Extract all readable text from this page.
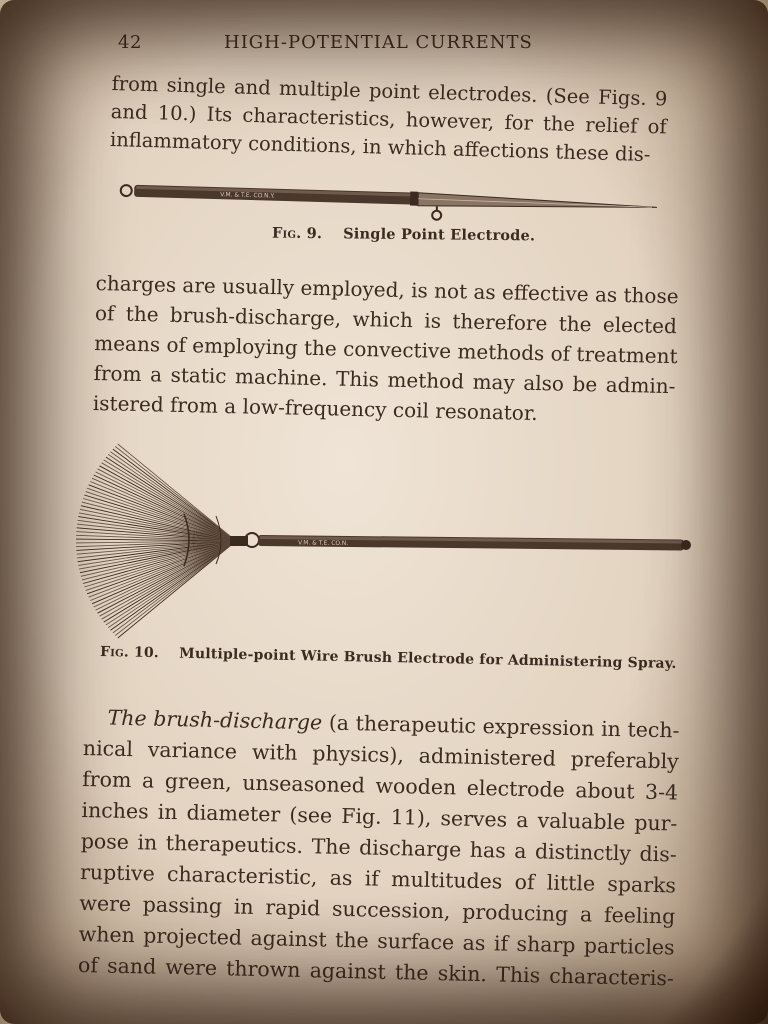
42	HIGH-POTENTIAL CURRENTS
from single and multiple point electrodes. (See Figs. 9
and 10.) Its characteristics, however, for the relief of
inflammatory conditions, in which affections these dis-
V.M. & T.E. CO.N.Y.
Fig. 9. Single Point Electrode.
charges are usually employed, is not as effective as those
of the brush-discharge, which is therefore the elected
means of employing the convective methods of treatment
from a static machine. This method may also be admin-
istered from a low-frequency coil resonator.
V.M. & T.E. CO.N.
Fig. 10. Multiple-point Wire Brush Electrode for Administering Spray.
The brush-discharge (a therapeutic expression in tech-
nical variance with physics), administered preferably
from a green, unseasoned wooden electrode about 3-4
inches in diameter (see Fig. 11), serves a valuable pur-
pose in therapeutics. The discharge has a distinctly dis-
ruptive characteristic, as if multitudes of little sparks
were passing in rapid succession, producing a feeling
when projected against the surface as if sharp particles
of sand were thrown against the skin. This characteris-
